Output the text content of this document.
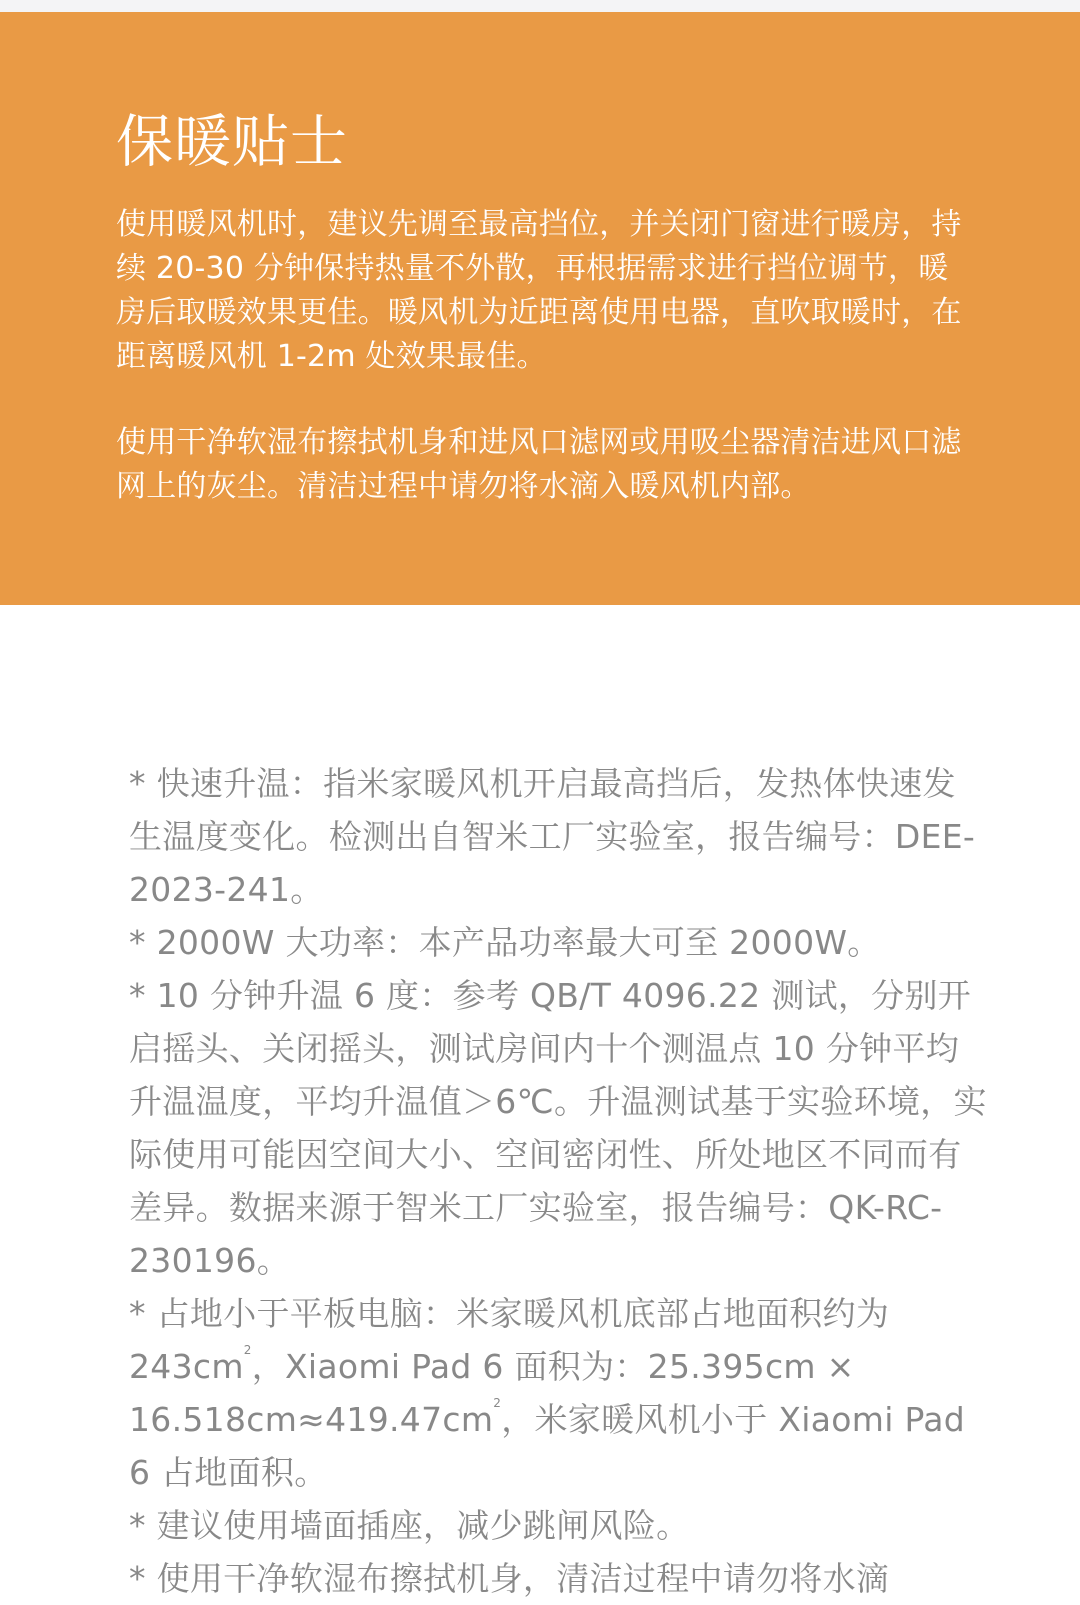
保暖贴士

使用暖风机时，建议先调至最高挡位，并关闭门窗进行暖房，持续 20-30 分钟保持热量不外散，再根据需求进行挡位调节，暖房后取暖效果更佳。暖风机为近距离使用电器，直吹取暖时，在距离暖风机 1-2m 处效果最佳。

使用干净软湿布擦拭机身和进风口滤网或用吸尘器清洁进风口滤网上的灰尘。清洁过程中请勿将水滴入暖风机内部。

* 快速升温：指米家暖风机开启最高挡后，发热体快速发生温度变化。检测出自智米工厂实验室，报告编号：DEE-2023-241。

* 2000W 大功率：本产品功率最大可至 2000W。

* 10 分钟升温 6 度：参考 QB/T 4096.22 测试，分别开启摇头、关闭摇头，测试房间内十个测温点 10 分钟平均升温温度，平均升温值＞6℃。升温测试基于实验环境，实际使用可能因空间大小、空间密闭性、所处地区不同而有差异。数据来源于智米工厂实验室，报告编号：QK-RC-230196。

* 占地小于平板电脑：米家暖风机底部占地面积约为 $243cm^2$，Xiaomi Pad 6 面积为：$25.395cm \times 16.518cm\approx 419.47cm^2$，米家暖风机小于 Xiaomi Pad 6 占地面积。

* 建议使用墙面插座，减少跳闸风险。

* 使用干净软湿布擦拭机身，清洁过程中请勿将水滴
